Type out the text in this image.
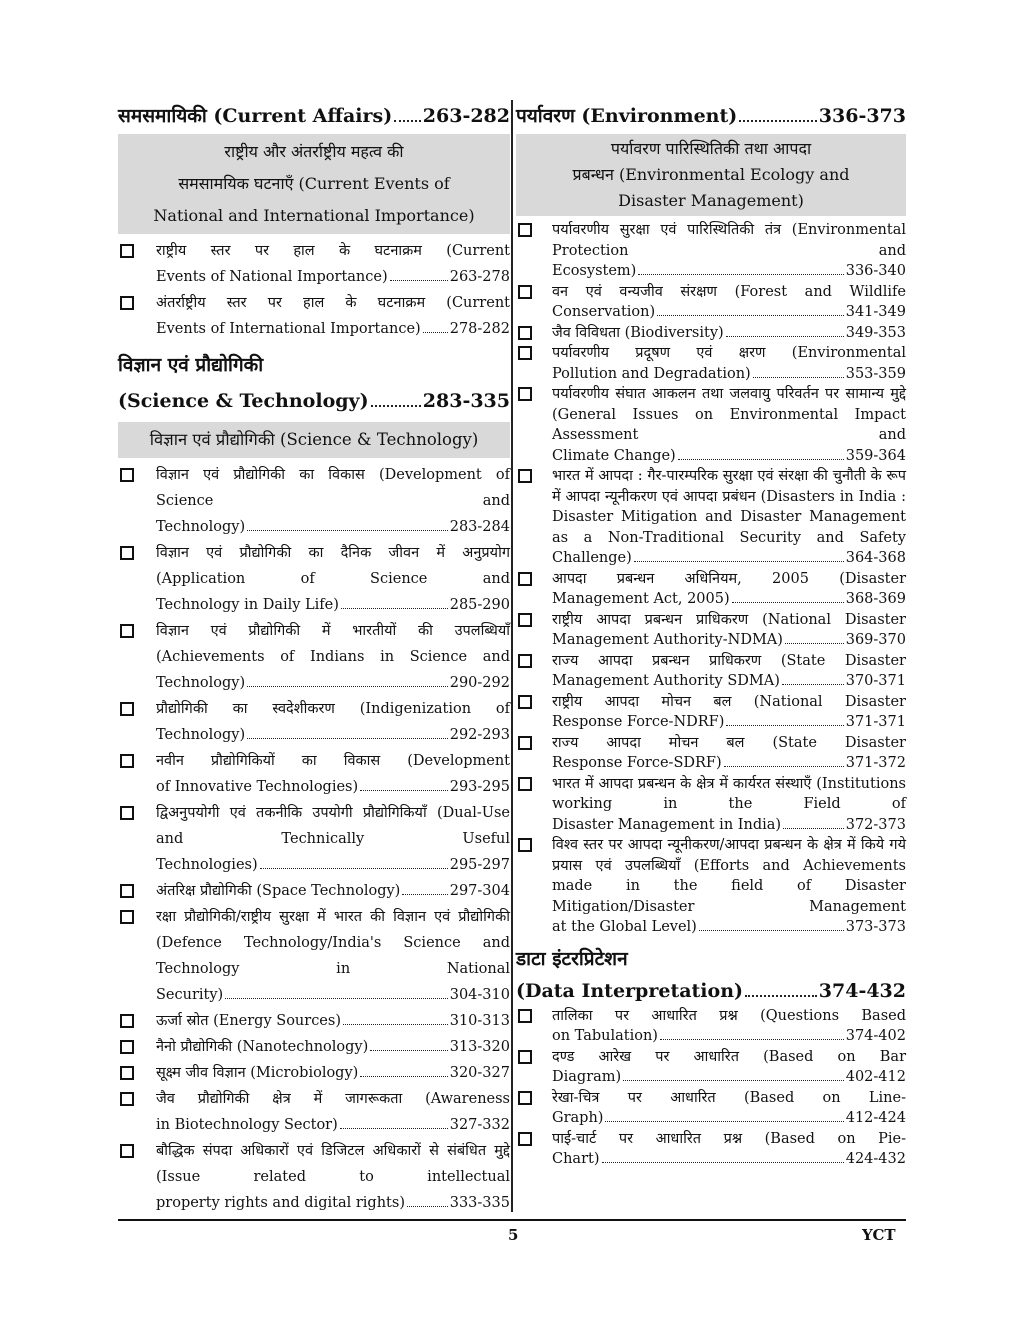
समसमायिकी (Current Affairs) 263-282
राष्ट्रीय और अंतर्राष्ट्रीय महत्व की
समसामयिक घटनाएँ (Current Events of
National and International Importance)
राष्ट्रीय स्तर पर हाल के घटनाक्रम (Current
Events of National Importance)	263-278
अंतर्राष्ट्रीय स्तर पर हाल के घटनाक्रम (Current
Events of International Importance) 278-282
विज्ञान एवं प्रौद्योगिकी
(Science & Technology)	283-335
विज्ञान एवं प्रौद्योगिकी (Science & Technology)
विज्ञान एवं प्रौद्योगिकी का विकास (Development of Science and
Technology)	283-284
विज्ञान एवं प्रौद्योगिकी का दैनिक जीवन में अनुप्रयोग (Application of Science and
Technology in Daily Life)	285-290
विज्ञान एवं प्रौद्योगिकी में भारतीयों की उपलब्धियाँ (Achievements of Indians in Science and
Technology)	290-292
प्रौद्योगिकी का स्वदेशीकरण (Indigenization of
Technology)	292-293
नवीन प्रौद्योगिकियों का विकास (Development
of Innovative Technologies)	293-295
द्विअनुपयोगी एवं तकनीकि उपयोगी प्रौद्योगिकियाँ (Dual-Use and Technically Useful
Technologies)	295-297
अंतरिक्ष प्रौद्योगिकी (Space Technology)	297-304
रक्षा प्रौद्योगिकी/राष्ट्रीय सुरक्षा में भारत की विज्ञान एवं प्रौद्योगिकी (Defence Technology/India's Science and Technology in National
Security)	304-310
ऊर्जा स्रोत (Energy Sources)	310-313
नैनो प्रौद्योगिकी (Nanotechnology)	313-320
सूक्ष्म जीव विज्ञान (Microbiology)	320-327
जैव प्रौद्योगिकी क्षेत्र में जागरूकता (Awareness
in Biotechnology Sector)	327-332
बौद्धिक संपदा अधिकारों एवं डिजिटल अधिकारों से संबंधित मुद्दे (Issue related to intellectual
property rights and digital rights)	333-335
पर्यावरण (Environment)	336-373
पर्यावरण पारिस्थितिकी तथा आपदा
प्रबन्धन (Environmental Ecology and
Disaster Management)
पर्यावरणीय सुरक्षा एवं पारिस्थितिकी तंत्र (Environmental Protection and
Ecosystem)	336-340
वन एवं वन्यजीव संरक्षण (Forest and Wildlife
Conservation)	341-349
जैव विविधता (Biodiversity)	349-353
पर्यावरणीय प्रदूषण एवं क्षरण (Environmental
Pollution and Degradation)	353-359
पर्यावरणीय संघात आकलन तथा जलवायु परिवर्तन पर सामान्य मुद्दे (General Issues on Environmental Impact Assessment and
Climate Change)	359-364
भारत में आपदा : गैर-पारम्परिक सुरक्षा एवं संरक्षा की चुनौती के रूप में आपदा न्यूनीकरण एवं आपदा प्रबंधन (Disasters in India : Disaster Mitigation and Disaster Management as a Non-Traditional Security and Safety
Challenge)	364-368
आपदा प्रबन्धन अधिनियम, 2005 (Disaster
Management Act, 2005)	368-369
राष्ट्रीय आपदा प्रबन्धन प्राधिकरण (National Disaster
Management Authority-NDMA)	369-370
राज्य आपदा प्रबन्धन प्राधिकरण (State Disaster
Management Authority SDMA)	370-371
राष्ट्रीय आपदा मोचन बल (National Disaster
Response Force-NDRF)	371-371
राज्य आपदा मोचन बल (State Disaster
Response Force-SDRF)	371-372
भारत में आपदा प्रबन्धन के क्षेत्र में कार्यरत संस्थाएँ (Institutions working in the Field of
Disaster Management in India)	372-373
विश्व स्तर पर आपदा न्यूनीकरण/आपदा प्रबन्धन के क्षेत्र में किये गये प्रयास एवं उपलब्धियाँ (Efforts and Achievements made in the field of Disaster Mitigation/Disaster Management
at the Global Level)	373-373
डाटा इंटरप्रिटेशन
(Data Interpretation)	374-432
तालिका पर आधारित प्रश्न (Questions Based
on Tabulation)	374-402
दण्ड आरेख पर आधारित (Based on Bar
Diagram)	402-412
रेखा-चित्र पर आधारित (Based on Line-
Graph)	412-424
पाई-चार्ट पर आधारित प्रश्न (Based on Pie-
Chart)	424-432
5	YCT
